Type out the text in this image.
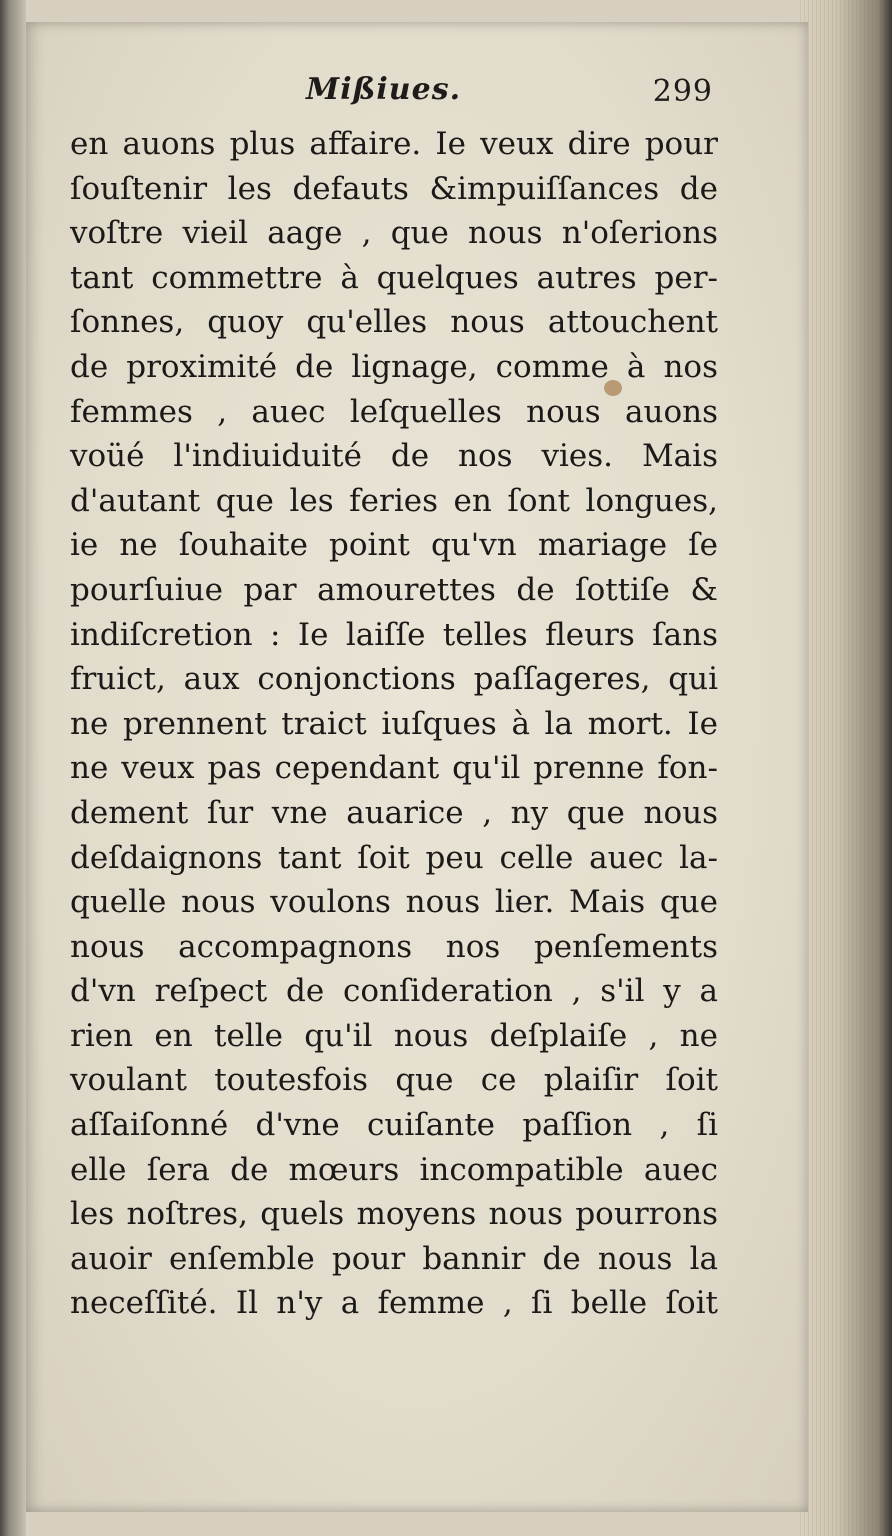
Mißiues.	299
en auons plus affaire. Ie veux dire pour
ſouſtenir les defauts &impuiſſances de
voſtre vieil aage , que nous n'oſerions
tant commettre à quelques autres per-
ſonnes, quoy qu'elles nous attouchent
de proximité de lignage, comme à nos
femmes , auec leſquelles nous auons
voüé l'indiuiduité de nos vies. Mais
d'autant que les feries en ſont longues,
ie ne ſouhaite point qu'vn mariage ſe
pourſuiue par amourettes de ſottiſe &
indiſcretion : Ie laiſſe telles fleurs ſans
fruict, aux conjonctions paſſageres, qui
ne prennent traict iuſques à la mort. Ie
ne veux pas cependant qu'il prenne fon-
dement ſur vne auarice , ny que nous
deſdaignons tant ſoit peu celle auec la-
quelle nous voulons nous lier. Mais que
nous accompagnons nos penſements
d'vn reſpect de conſideration , s'il y a
rien en telle qu'il nous deſplaiſe , ne
voulant toutesfois que ce plaiſir ſoit
aſſaiſonné d'vne cuiſante paſſion , ſi
elle ſera de mœurs incompatible auec
les noſtres, quels moyens nous pourrons
auoir enſemble pour bannir de nous la
neceſſité. Il n'y a femme , ſi belle ſoit
